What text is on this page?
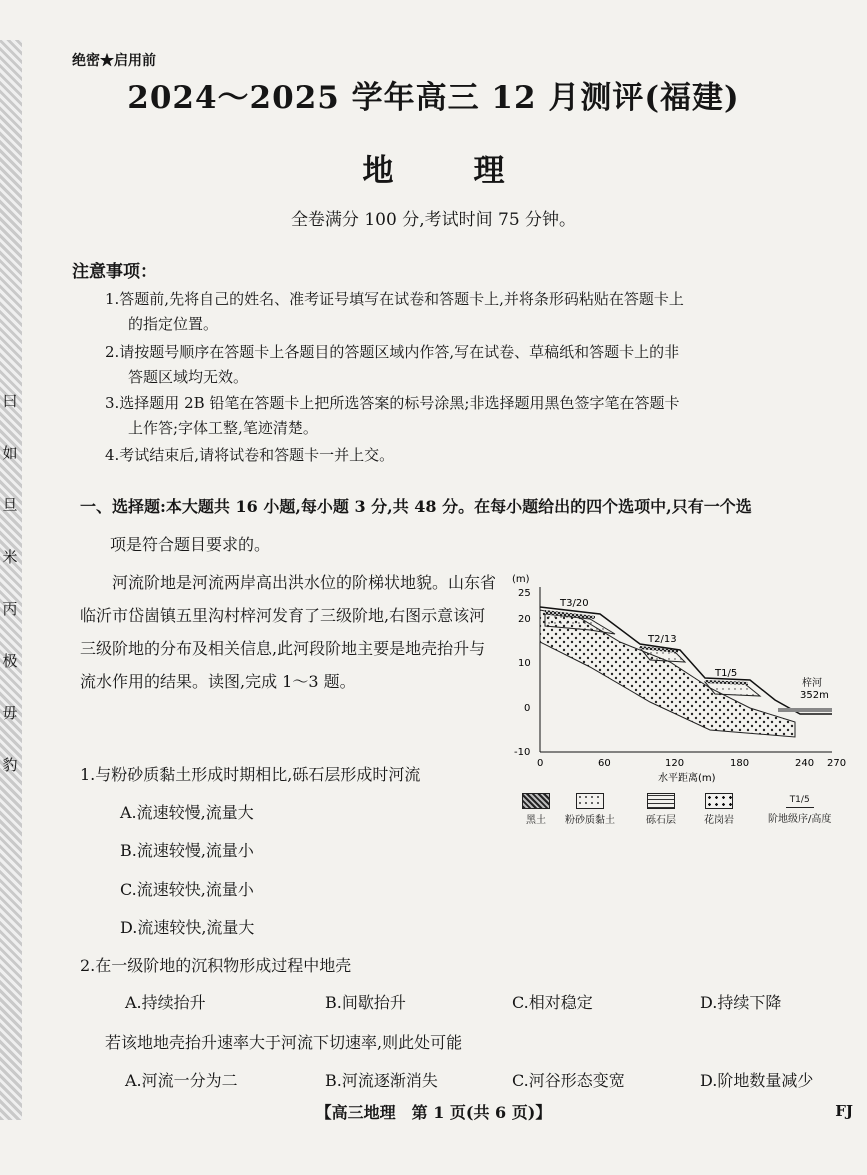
曰
如
旦
米
丙
极
毋
豹
绝密★启用前
2024～2025 学年高三 12 月测评(福建)
地理
全卷满分 100 分,考试时间 75 分钟。
注意事项：
1.答题前,先将自己的姓名、准考证号填写在试卷和答题卡上,并将条形码粘贴在答题卡上
的指定位置。
2.请按题号顺序在答题卡上各题目的答题区域内作答,写在试卷、草稿纸和答题卡上的非
答题区域均无效。
3.选择题用 2B 铅笔在答题卡上把所选答案的标号涂黑;非选择题用黑色签字笔在答题卡
上作答;字体工整,笔迹清楚。
4.考试结束后,请将试卷和答题卡一并上交。
一、选择题:本大题共 16 小题,每小题 3 分,共 48 分。在每小题给出的四个选项中,只有一个选
项是符合题目要求的。
河流阶地是河流两岸高出洪水位的阶梯状地貌。山东省临沂市岱崮镇五里沟村梓河发育了三级阶地,右图示意该河三级阶地的分布及相关信息,此河段阶地主要是地壳抬升与流水作用的结果。读图,完成 1～3 题。
(m)
25
20
10
0
-10
0	60	120	180	240 270
水平距离(m)
T3/20
T2/13
T1/5
梓河
352m
黑土	粉砂质黏土	砾石层	花岗岩
T1/5
阶地级序/高度
1.与粉砂质黏土形成时期相比,砾石层形成时河流
A.流速较慢,流量大
B.流速较慢,流量小
C.流速较快,流量小
D.流速较快,流量大
2.在一级阶地的沉积物形成过程中地壳
A.持续抬升	B.间歇抬升	C.相对稳定	D.持续下降
若该地地壳抬升速率大于河流下切速率,则此处可能
A.河流一分为二	B.河流逐渐消失	C.河谷形态变宽	D.阶地数量减少
【高三地理　第 1 页(共 6 页)】	FJ
